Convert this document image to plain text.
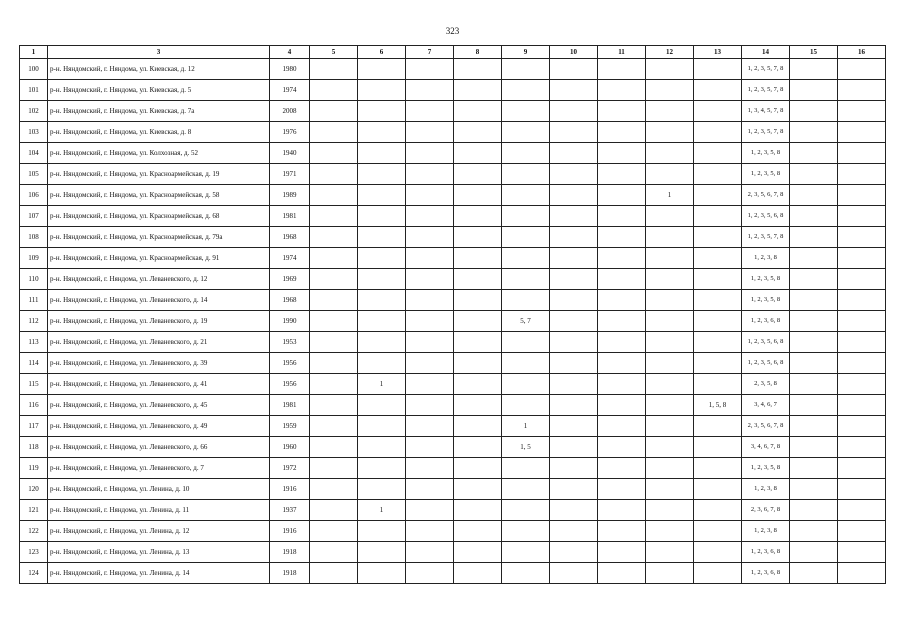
323
1	3	4	5	6	7	8	9	10	11	12	13	14	15	16
100	р-н. Няндомский, г. Няндома, ул. Киевская, д. 12	1980										1, 2, 3, 5, 7, 8		
101	р-н. Няндомский, г. Няндома, ул. Киевская, д. 5	1974										1, 2, 3, 5, 7, 8		
102	р-н. Няндомский, г. Няндома, ул. Киевская, д. 7а	2008										1, 3, 4, 5, 7, 8		
103	р-н. Няндомский, г. Няндома, ул. Киевская, д. 8	1976										1, 2, 3, 5, 7, 8		
104	р-н. Няндомский, г. Няндома, ул. Колхозная, д. 52	1940										1, 2, 3, 5, 8		
105	р-н. Няндомский, г. Няндома, ул. Красноармейская, д. 19	1971										1, 2, 3, 5, 8		
106	р-н. Няндомский, г. Няндома, ул. Красноармейская, д. 58	1989								1		2, 3, 5, 6, 7, 8		
107	р-н. Няндомский, г. Няндома, ул. Красноармейская, д. 68	1981										1, 2, 3, 5, 6, 8		
108	р-н. Няндомский, г. Няндома, ул. Красноармейская, д. 79а	1968										1, 2, 3, 5, 7, 8		
109	р-н. Няндомский, г. Няндома, ул. Красноармейская, д. 91	1974										1, 2, 3, 8		
110	р-н. Няндомский, г. Няндома, ул. Леваневского, д. 12	1969										1, 2, 3, 5, 8		
111	р-н. Няндомский, г. Няндома, ул. Леваневского, д. 14	1968										1, 2, 3, 5, 8		
112	р-н. Няндомский, г. Няндома, ул. Леваневского, д. 19	1990					5, 7					1, 2, 3, 6, 8		
113	р-н. Няндомский, г. Няндома, ул. Леваневского, д. 21	1953										1, 2, 3, 5, 6, 8		
114	р-н. Няндомский, г. Няндома, ул. Леваневского, д. 39	1956										1, 2, 3, 5, 6, 8		
115	р-н. Няндомский, г. Няндома, ул. Леваневского, д. 41	1956		1								2, 3, 5, 8		
116	р-н. Няндомский, г. Няндома, ул. Леваневского, д. 45	1981									1, 5, 8	3, 4, 6, 7		
117	р-н. Няндомский, г. Няндома, ул. Леваневского, д. 49	1959					1					2, 3, 5, 6, 7, 8		
118	р-н. Няндомский, г. Няндома, ул. Леваневского, д. 66	1960					1, 5					3, 4, 6, 7, 8		
119	р-н. Няндомский, г. Няндома, ул. Леваневского, д. 7	1972										1, 2, 3, 5, 8		
120	р-н. Няндомский, г. Няндома, ул. Ленина, д. 10	1916										1, 2, 3, 8		
121	р-н. Няндомский, г. Няндома, ул. Ленина, д. 11	1937		1								2, 3, 6, 7, 8		
122	р-н. Няндомский, г. Няндома, ул. Ленина, д. 12	1916										1, 2, 3, 8		
123	р-н. Няндомский, г. Няндома, ул. Ленина, д. 13	1918										1, 2, 3, 6, 8		
124	р-н. Няндомский, г. Няндома, ул. Ленина, д. 14	1918										1, 2, 3, 6, 8		
